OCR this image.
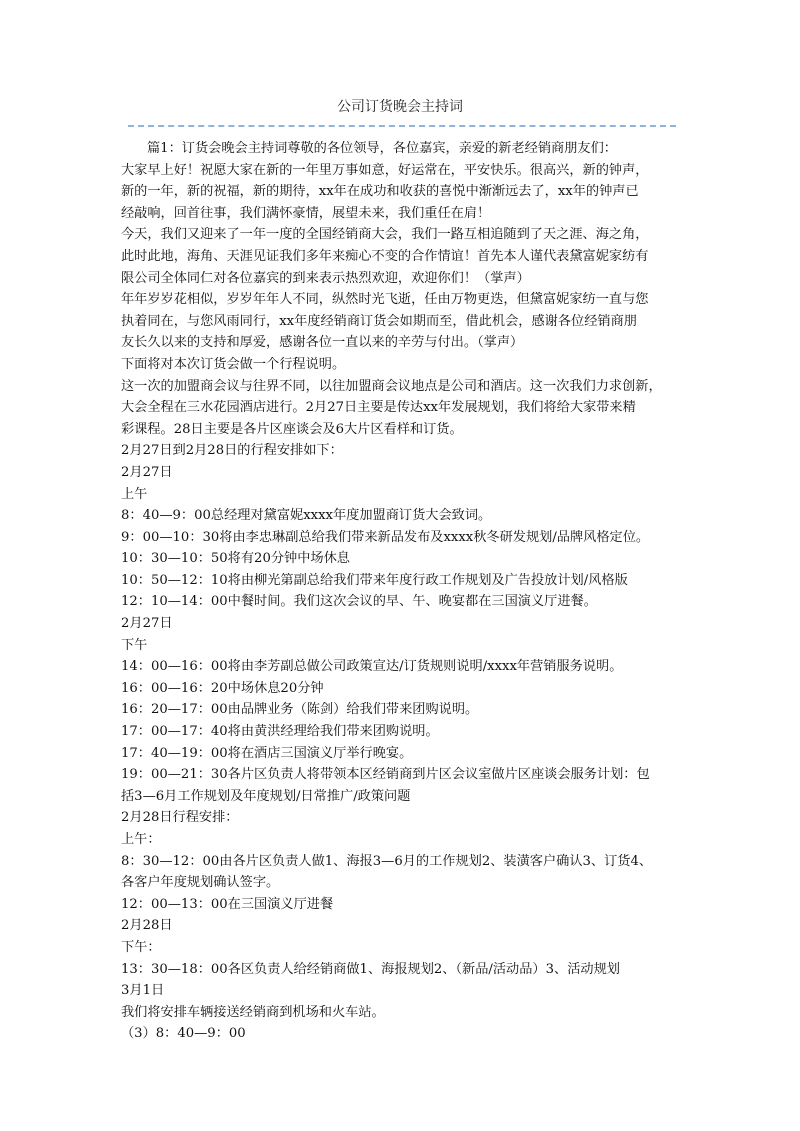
公司订货晚会主持词
篇1：订货会晚会主持词尊敬的各位领导，各位嘉宾，亲爱的新老经销商朋友们：
大家早上好！祝愿大家在新的一年里万事如意，好运常在，平安快乐。很高兴，新的钟声，
新的一年，新的祝福，新的期待，xx年在成功和收获的喜悦中渐渐远去了，xx年的钟声已
经敲响，回首往事，我们满怀豪情，展望未来，我们重任在肩！
今天，我们又迎来了一年一度的全国经销商大会，我们一路互相追随到了天之涯、海之角，
此时此地，海角、天涯见证我们多年来痴心不变的合作情谊！首先本人谨代表黛富妮家纺有
限公司全体同仁对各位嘉宾的到来表示热烈欢迎，欢迎你们！（掌声）
年年岁岁花相似，岁岁年年人不同，纵然时光飞逝，任由万物更迭，但黛富妮家纺一直与您
执着同在，与您风雨同行，xx年度经销商订货会如期而至，借此机会，感谢各位经销商朋
友长久以来的支持和厚爱，感谢各位一直以来的辛劳与付出。（掌声）
下面将对本次订货会做一个行程说明。
这一次的加盟商会议与往界不同，以往加盟商会议地点是公司和酒店。这一次我们力求创新，
大会全程在三水花园酒店进行。2月27日主要是传达xx年发展规划，我们将给大家带来精
彩课程。28日主要是各片区座谈会及6大片区看样和订货。
2月27日到2月28日的行程安排如下：
2月27日
上午
8：40—9：00总经理对黛富妮xxxx年度加盟商订货大会致词。
9：00—10：30将由李忠琳副总给我们带来新品发布及xxxx秋冬研发规划/品牌风格定位。
10：30—10：50将有20分钟中场休息
10：50—12：10将由柳光第副总给我们带来年度行政工作规划及广告投放计划/风格版
12：10—14：00中餐时间。我们这次会议的早、午、晚宴都在三国演义厅进餐。
2月27日
下午
14：00—16：00将由李芳副总做公司政策宣达/订货规则说明/xxxx年营销服务说明。
16：00—16：20中场休息20分钟
16：20—17：00由品牌业务（陈剑）给我们带来团购说明。
17：00—17：40将由黄洪经理给我们带来团购说明。
17：40—19：00将在酒店三国演义厅举行晚宴。
19：00—21：30各片区负责人将带领本区经销商到片区会议室做片区座谈会服务计划：包
括3—6月工作规划及年度规划/日常推广/政策问题
2月28日行程安排：
上午：
8：30—12：00由各片区负责人做1、海报3—6月的工作规划2、装潢客户确认3、订货4、
各客户年度规划确认签字。
12：00—13：00在三国演义厅进餐
2月28日
下午：
13：30—18：00各区负责人给经销商做1、海报规划2、（新品/活动品）3、活动规划
3月1日
我们将安排车辆接送经销商到机场和火车站。
（3）8：40—9：00
